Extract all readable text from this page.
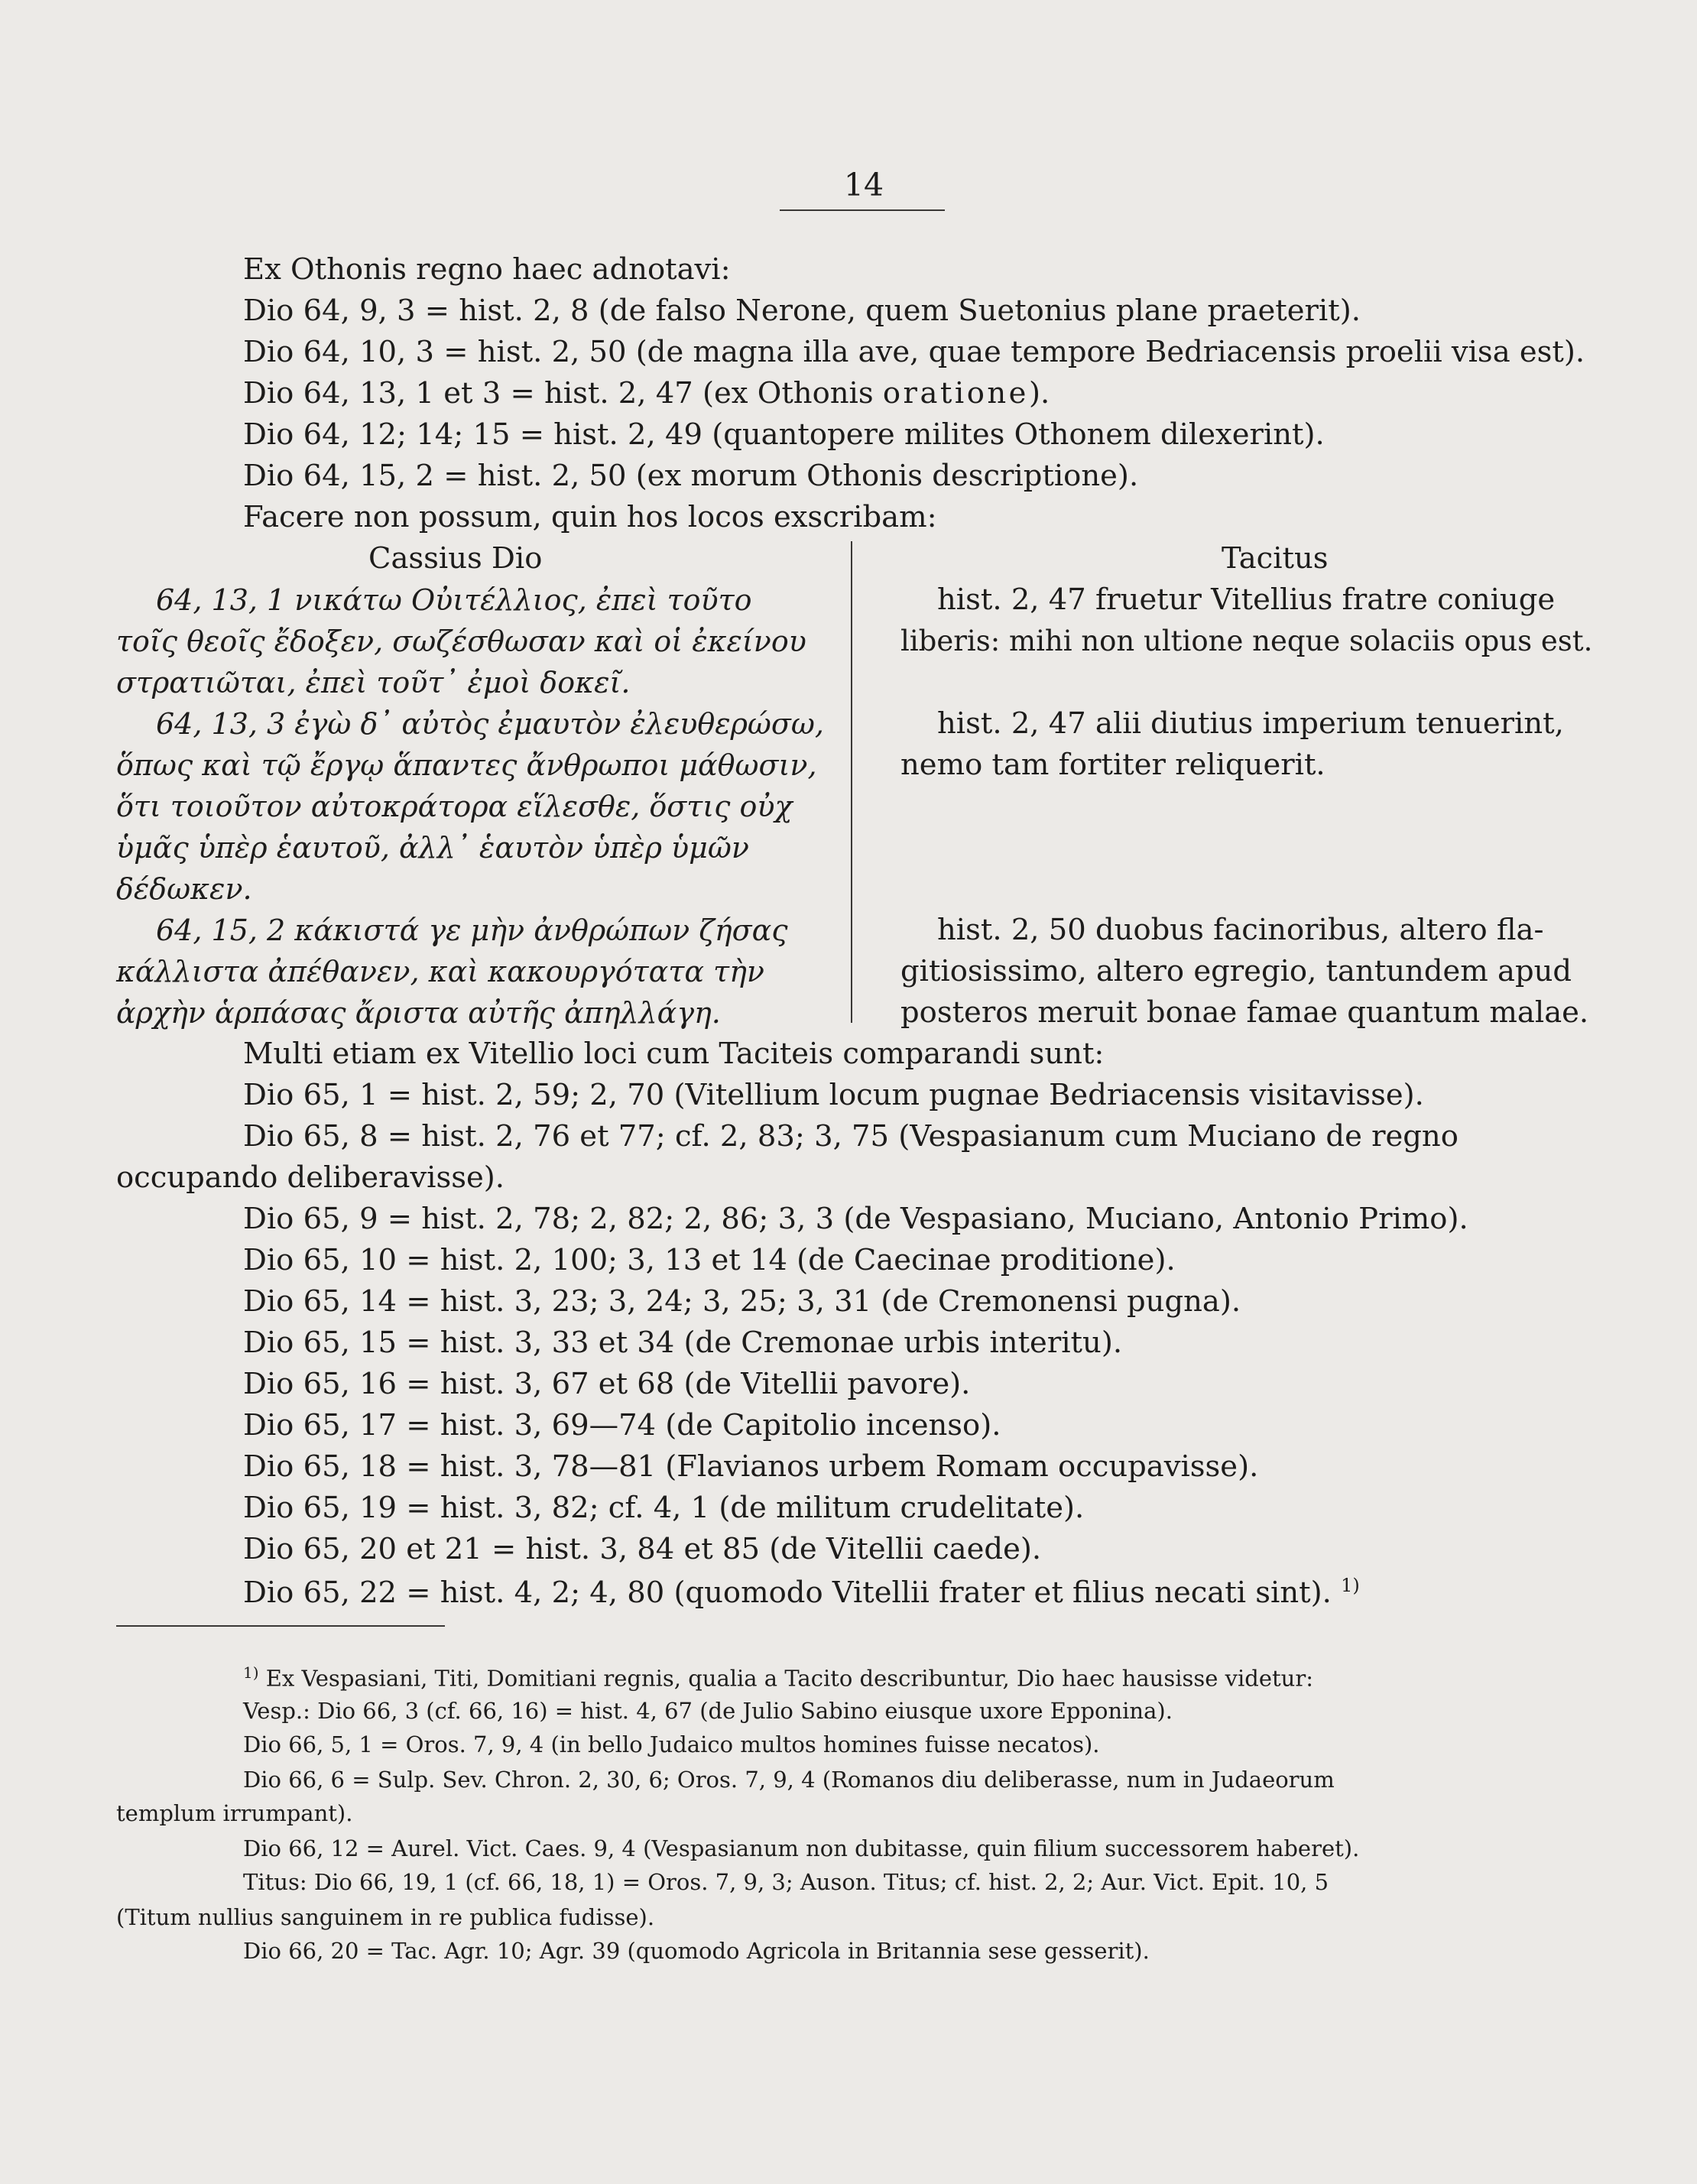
14
Ex Othonis regno haec adnotavi:
Dio 64, 9, 3 = hist. 2, 8 (de falso Nerone, quem Suetonius plane praeterit).
Dio 64, 10, 3 = hist. 2, 50 (de magna illa ave, quae tempore Bedriacensis proelii visa est).
Dio 64, 13, 1 et 3 = hist. 2, 47 (ex Othonis oratione).
Dio 64, 12; 14; 15 = hist. 2, 49 (quantopere milites Othonem dilexerint).
Dio 64, 15, 2 = hist. 2, 50 (ex morum Othonis descriptione).
Facere non possum, quin hos locos exscribam:
Cassius Dio	Tacitus
64, 13, 1 νικάτω Οὐιτέλλιος, ἐπεὶ τοῦτο
τοῖς θεοῖς ἔδοξεν, σωζέσθωσαν καὶ οἱ ἐκείνου
στρατιῶται, ἐπεὶ τοῦτ᾽ ἐμοὶ δοκεῖ.
64, 13, 3 ἐγὼ δ᾽ αὐτὸς ἐμαυτὸν ἐλευθερώσω,
ὅπως καὶ τῷ ἔργῳ ἅπαντες ἄνθρωποι μάθωσιν,
ὅτι τοιοῦτον αὐτοκράτορα εἵλεσθε, ὅστις οὐχ
ὑμᾶς ὑπὲρ ἑαυτοῦ, ἀλλ᾽ ἑαυτὸν ὑπὲρ ὑμῶν
δέδωκεν.
64, 15, 2 κάκιστά γε μὴν ἀνθρώπων ζήσας
κάλλιστα ἀπέθανεν, καὶ κακουργότατα τὴν
ἀρχὴν ἁρπάσας ἄριστα αὐτῆς ἀπηλλάγη.
hist. 2, 47 fruetur Vitellius fratre coniuge
liberis: mihi non ultione neque solaciis opus est.
hist. 2, 47 alii diutius imperium tenuerint,
nemo tam fortiter reliquerit.
hist. 2, 50 duobus facinoribus, altero fla-
gitiosissimo, altero egregio, tantundem apud
posteros meruit bonae famae quantum malae.
Multi etiam ex Vitellio loci cum Taciteis comparandi sunt:
Dio 65, 1 = hist. 2, 59; 2, 70 (Vitellium locum pugnae Bedriacensis visitavisse).
Dio 65, 8 = hist. 2, 76 et 77; cf. 2, 83; 3, 75 (Vespasianum cum Muciano de regno
occupando deliberavisse).
Dio 65, 9 = hist. 2, 78; 2, 82; 2, 86; 3, 3 (de Vespasiano, Muciano, Antonio Primo).
Dio 65, 10 = hist. 2, 100; 3, 13 et 14 (de Caecinae proditione).
Dio 65, 14 = hist. 3, 23; 3, 24; 3, 25; 3, 31 (de Cremonensi pugna).
Dio 65, 15 = hist. 3, 33 et 34 (de Cremonae urbis interitu).
Dio 65, 16 = hist. 3, 67 et 68 (de Vitellii pavore).
Dio 65, 17 = hist. 3, 69—74 (de Capitolio incenso).
Dio 65, 18 = hist. 3, 78—81 (Flavianos urbem Romam occupavisse).
Dio 65, 19 = hist. 3, 82; cf. 4, 1 (de militum crudelitate).
Dio 65, 20 et 21 = hist. 3, 84 et 85 (de Vitellii caede).
Dio 65, 22 = hist. 4, 2; 4, 80 (quomodo Vitellii frater et filius necati sint). $^{1)}$
$^{1)}$ Ex Vespasiani, Titi, Domitiani regnis, qualia a Tacito describuntur, Dio haec hausisse videtur:
Vesp.: Dio 66, 3 (cf. 66, 16) = hist. 4, 67 (de Julio Sabino eiusque uxore Epponina).
Dio 66, 5, 1 = Oros. 7, 9, 4 (in bello Judaico multos homines fuisse necatos).
Dio 66, 6 = Sulp. Sev. Chron. 2, 30, 6; Oros. 7, 9, 4 (Romanos diu deliberasse, num in Judaeorum
templum irrumpant).
Dio 66, 12 = Aurel. Vict. Caes. 9, 4 (Vespasianum non dubitasse, quin filium successorem haberet).
Titus: Dio 66, 19, 1 (cf. 66, 18, 1) = Oros. 7, 9, 3; Auson. Titus; cf. hist. 2, 2; Aur. Vict. Epit. 10, 5
(Titum nullius sanguinem in re publica fudisse).
Dio 66, 20 = Tac. Agr. 10; Agr. 39 (quomodo Agricola in Britannia sese gesserit).
